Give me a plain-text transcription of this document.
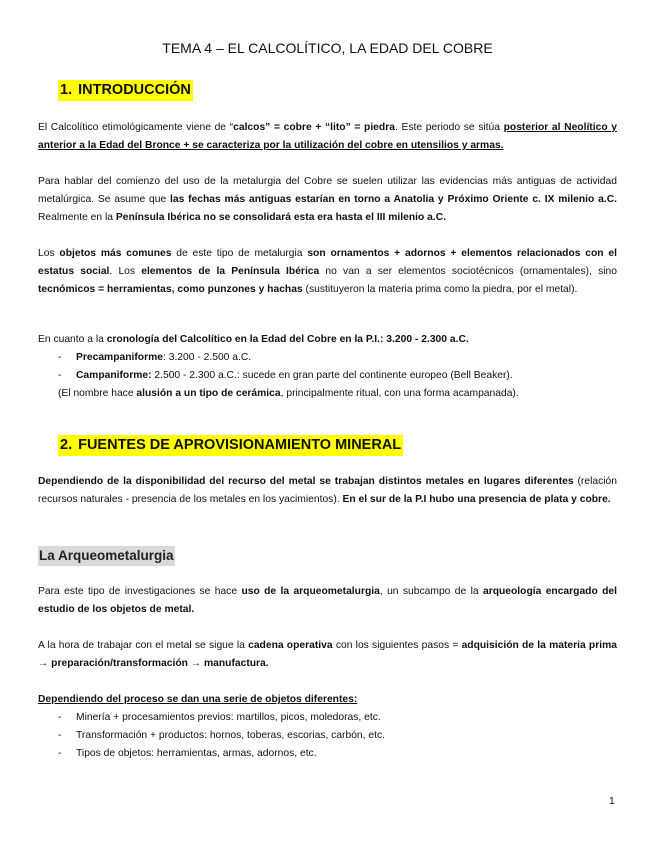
TEMA 4 – EL CALCOLÍTICO, LA EDAD DEL COBRE
1. INTRODUCCIÓN
El Calcolítico etimológicamente viene de “calcos” = cobre + “lito” = piedra. Este periodo se sitúa posterior al Neolítico y anterior a la Edad del Bronce + se caracteriza por la utilización del cobre en utensilios y armas.
Para hablar del comienzo del uso de la metalurgia del Cobre se suelen utilizar las evidencias más antiguas de actividad metalúrgica. Se asume que las fechas más antiguas estarían en torno a Anatolia y Próximo Oriente c. IX milenio a.C. Realmente en la Península Ibérica no se consolidará esta era hasta el III milenio a.C.
Los objetos más comunes de este tipo de metalurgia son ornamentos + adornos + elementos relacionados con el estatus social. Los elementos de la Península Ibérica no van a ser elementos sociotécnicos (ornamentales), sino tecnómicos = herramientas, como punzones y hachas (sustituyeron la materia prima como la piedra, por el metal).
En cuanto a la cronología del Calcolítico en la Edad del Cobre en la P.I.: 3.200 - 2.300 a.C.
- Precampaniforme: 3.200 - 2.500 a.C.
- Campaniforme: 2.500 - 2.300 a.C.: sucede en gran parte del continente europeo (Bell Beaker).
(El nombre hace alusión a un tipo de cerámica, principalmente ritual, con una forma acampanada).
2. FUENTES DE APROVISIONAMIENTO MINERAL
Dependiendo de la disponibilidad del recurso del metal se trabajan distintos metales en lugares diferentes (relación recursos naturales - presencia de los metales en los yacimientos). En el sur de la P.I hubo una presencia de plata y cobre.
La Arqueometalurgia
Para este tipo de investigaciones se hace uso de la arqueometalurgia, un subcampo de la arqueología encargado del estudio de los objetos de metal.
A la hora de trabajar con el metal se sigue la cadena operativa con los siguientes pasos = adquisición de la materia prima → preparación/transformación → manufactura.
Dependiendo del proceso se dan una serie de objetos diferentes:
- Minería + procesamientos previos: martillos, picos, moledoras, etc.
- Transformación + productos: hornos, toberas, escorias, carbón, etc.
- Tipos de objetos: herramientas, armas, adornos, etc.
1
